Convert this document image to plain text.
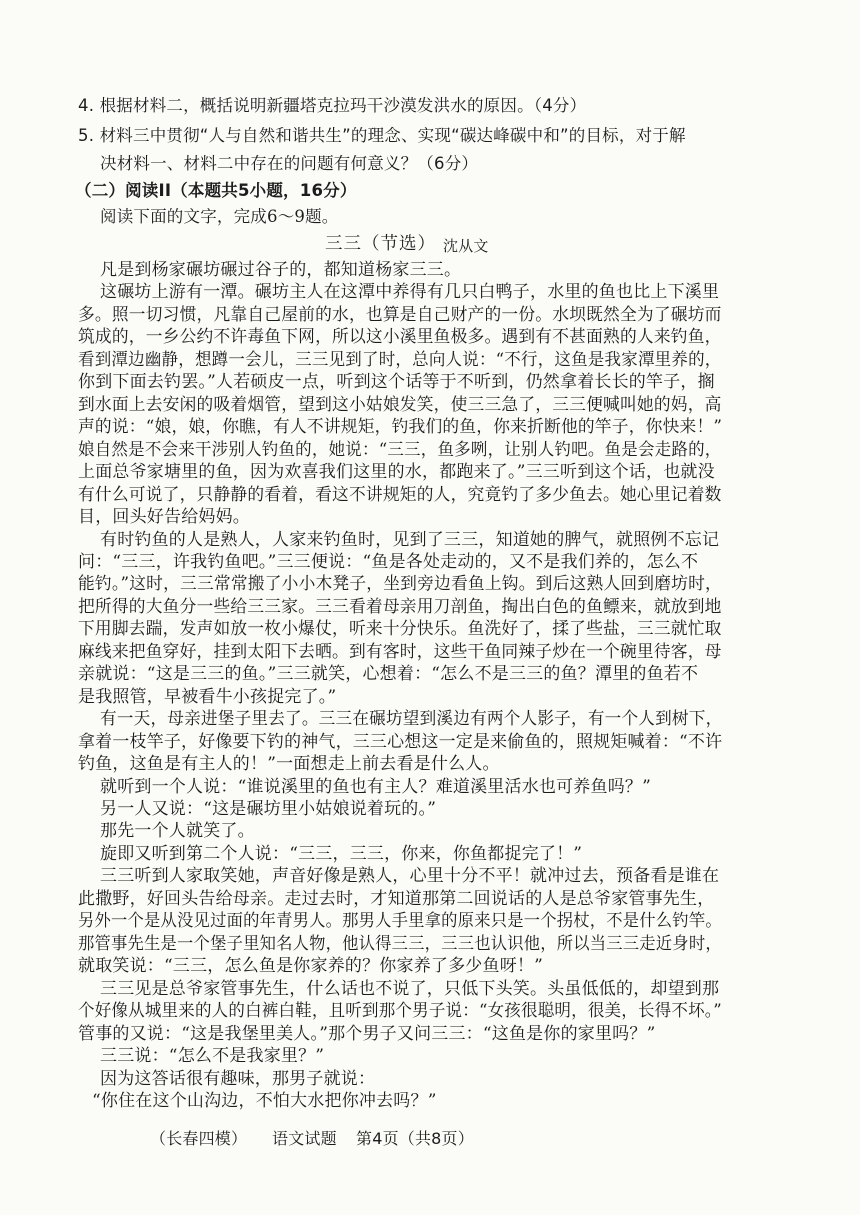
4. 根据材料二，概括说明新疆塔克拉玛干沙漠发洪水的原因。（4分）
5. 材料三中贯彻“人与自然和谐共生”的理念、实现“碳达峰碳中和”的目标，对于解
决材料一、材料二中存在的问题有何意义？（6分）
（二）阅读II（本题共5小题，16分）
阅读下面的文字，完成6～9题。
三三（节选） 沈从文
凡是到杨家碾坊碾过谷子的，都知道杨家三三。
这碾坊上游有一潭。碾坊主人在这潭中养得有几只白鸭子，水里的鱼也比上下溪里
多。照一切习惯，凡靠自己屋前的水，也算是自己财产的一份。水坝既然全为了碾坊而
筑成的，一乡公约不许毒鱼下网，所以这小溪里鱼极多。遇到有不甚面熟的人来钓鱼，
看到潭边幽静，想蹲一会儿，三三见到了时，总向人说：“不行，这鱼是我家潭里养的，
你到下面去钓罢。”人若硕皮一点，听到这个话等于不听到，仍然拿着长长的竿子，搁
到水面上去安闲的吸着烟管，望到这小姑娘发笑，使三三急了，三三便喊叫她的妈，高
声的说：“娘，娘，你瞧，有人不讲规矩，钓我们的鱼，你来折断他的竿子，你快来！”
娘自然是不会来干涉别人钓鱼的，她说：“三三，鱼多咧，让别人钓吧。鱼是会走路的，
上面总爷家塘里的鱼，因为欢喜我们这里的水，都跑来了。”三三听到这个话，也就没
有什么可说了，只静静的看着，看这不讲规矩的人，究竟钓了多少鱼去。她心里记着数
目，回头好告给妈妈。
有时钓鱼的人是熟人，人家来钓鱼时，见到了三三，知道她的脾气，就照例不忘记
问：“三三，许我钓鱼吧。”三三便说：“鱼是各处走动的，又不是我们养的，怎么不
能钓。”这时，三三常常搬了小小木凳子，坐到旁边看鱼上钩。到后这熟人回到磨坊时，
把所得的大鱼分一些给三三家。三三看着母亲用刀剖鱼，掏出白色的鱼鳔来，就放到地
下用脚去踹，发声如放一枚小爆仗，听来十分快乐。鱼洗好了，揉了些盐，三三就忙取
麻线来把鱼穿好，挂到太阳下去晒。到有客时，这些干鱼同辣子炒在一个碗里待客，母
亲就说：“这是三三的鱼。”三三就笑，心想着：“怎么不是三三的鱼？潭里的鱼若不
是我照管，早被看牛小孩捉完了。”
有一天，母亲进堡子里去了。三三在碾坊望到溪边有两个人影子，有一个人到树下，
拿着一枝竿子，好像要下钓的神气，三三心想这一定是来偷鱼的，照规矩喊着：“不许
钓鱼，这鱼是有主人的！”一面想走上前去看是什么人。
就听到一个人说：“谁说溪里的鱼也有主人？难道溪里活水也可养鱼吗？”
另一人又说：“这是碾坊里小姑娘说着玩的。”
那先一个人就笑了。
旋即又听到第二个人说：“三三，三三，你来，你鱼都捉完了！”
三三听到人家取笑她，声音好像是熟人，心里十分不平！就冲过去，预备看是谁在
此撒野，好回头告给母亲。走过去时，才知道那第二回说话的人是总爷家管事先生，
另外一个是从没见过面的年青男人。那男人手里拿的原来只是一个拐杖，不是什么钓竿。
那管事先生是一个堡子里知名人物，他认得三三，三三也认识他，所以当三三走近身时，
就取笑说：“三三，怎么鱼是你家养的？你家养了多少鱼呀！”
三三见是总爷家管事先生，什么话也不说了，只低下头笑。头虽低低的，却望到那
个好像从城里来的人的白裤白鞋，且听到那个男子说：“女孩很聪明，很美，长得不坏。”
管事的又说：“这是我堡里美人。”那个男子又问三三：“这鱼是你的家里吗？”
三三说：“怎么不是我家里？”
因为这答话很有趣味，那男子就说：
“你住在这个山沟边，不怕大水把你冲去吗？”
（长春四模） 语文试题 第4页（共8页）
